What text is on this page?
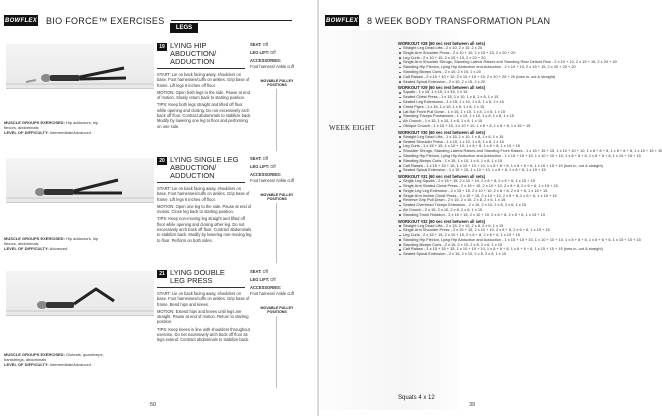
BOWFLEX BIO FORCE™ EXERCISES
LEGS
19 LYING HIP
ABDUCTION/
ADDUCTION
START: Lie on back facing away, shoulders on base. Foot harnesses/cuffs on ankles. Grip base of frame. Lift legs 6 inches off floor.
MOTION: Open both legs to the side. Pause at end of motion. Slowly return back to starting position.
TIPS: Keep both legs straight and lifted off floor while opening and closing. Do not excessively arch back off floor. Contract abdominals to stabilize back. Modify by lowering one leg to floor and performing on one side.
SEAT: Off
LEG LIFT: Off
ACCESSORIES:
Foot harness/ Ankle cuff
MOVABLE PULLEY POSITIONS
MUSCLE GROUPS EXERCISED: Hip adductors, hip flexors, abdominals
LEVEL OF DIFFICULTY: Intermediate/Advanced
20 LYING SINGLE LEG
ABDUCTION/
ADDUCTION
START: Lie on back facing away, shoulders on base. Foot harnesses/cuffs on ankles. Grip base of frame. Lift legs 6 inches off floor.
MOTION: Open one leg to the side. Pause at end of motion. Close leg back to starting position.
TIPS: Keep non-moving leg straight and lifted off floor while opening and closing other leg. Do not excessively arch back off floor. Contract abdominals to stabilize back. Modify by lowering non-moving leg to floor. Perform on both sides.
SEAT: Off
LEG LIFT: Off
ACCESSORIES:
Foot harness/ Ankle cuff
MOVABLE PULLEY POSITIONS
MUSCLE GROUPS EXERCISED: Hip adductors, hip flexors, abdominals
LEVEL OF DIFFICULTY: Advanced
21 LYING DOUBLE
LEG PRESS
START: Lie on back facing away, shoulders on base. Foot harnesses/cuffs on ankles. Grip base of frame. Bend hips and knees.
MOTION: Extend hips and knees until legs are straight. Pause at end of motion. Return to starting position.
TIPS: Keep knees in line with shoulders throughout exercise. Do not excessively arch back off floor as legs extend. Contract abdominals to stabilize back.
SEAT: Off
LEG LIFT: Off
ACCESSORIES:
Foot harness/ Ankle cuff
MOVABLE PULLEY POSITIONS
MUSCLE GROUPS EXERCISED: Gluteals, quadriceps, hamstrings, abdominals
LEVEL OF DIFFICULTY: Intermediate/Advanced
50
BOWFLEX 8 WEEK BODY TRANSFORMATION PLAN
WEEK EIGHT
WORKOUT #28 (60 sec rest between all sets)
Straight Leg Dead Lifts - 2 x 10, 2 x 15, 2 x 20
Single Arm Shoulder Press - 2 x 10 + 10, 2 x 15 + 15, 2 x 20 + 20
Leg Curls - 2 x 10 + 10, 2 x 15 + 15, 2 x 20 + 20
Single Arm Shoulder Shrugs, Standing Lateral Raises and Standing Rear Deltoid Row - 2 x 10 + 10, 2 x 15 + 15, 2 x 20 + 20
Standing Hip Flexion, Lying Hip Abduction and Adduction - 2 x 10 + 10, 2 x 15 + 15, 2 x 20 + 20 + 20
Standing Biceps Curls - 2 x 10, 2 x 15, 2 x 20
Calf Raises - 2 x 10 + 10 + 10, 2 x 15 + 15 + 15, 2 x 20 + 20 + 20 (toes in, out & straight)
Seated Spinal Extension - 2 x 10, 2 x 15, 2 x 20
WORKOUT #29 (60 sec rest between all sets)
Squats - 1 x 15, 1 x 15, 1 x 15, 1 x 15
Seated Chest Press - 1 x 15, 1 x 10, 1 x 8, 1 x 8, 1 x 15
Seated Leg Extensions - 1 x 15, 1 x 10, 1 x 8, 1 x 8, 1 x 15
Chest Flyes - 1 x 15, 1 x 10, 1 x 8, 1 x 8, 1 x 15
Lat Bar Front Pull Down - 1 x 15, 1 x 10, 1 x 8, 1 x 8, 1 x 15
Standing Triceps Pushdowns - 1 x 15, 1 x 10, 1 x 8, 1 x 8, 1 x 15
Ab Crunch - 1 x 15, 1 x 10, 1 x 8, 1 x 8, 1 x 15
Oblique Crunch - 1 x 15 + 15, 1 x 10 + 10, 1 x 8 + 8, 1 x 8 + 8, 1 x 15 + 15
WORKOUT #30 (60 sec rest between all sets)
Straight Leg Dead Lifts - 1 x 15, 1 x 10, 1 x 8, 1 x 8, 1 x 15
Seated Shoulder Press - 1 x 15, 1 x 10, 1 x 8, 1 x 8, 1 x 15
Leg Curls - 1 x 15 + 15, 1 x 10 + 10, 1 x 8 + 8, 1 x 8 + 8, 1 x 15 + 15
Shoulder Shrugs, Standing Lateral Raises and Standing Front Raises - 1 x 15 + 15 + 15, 1 x 10 + 10 + 10, 1 x 8 + 8 + 8, 1 x 8 + 8 + 8, 1 x 15 + 15 + 15
Standing Hip Flexion, Lying Hip Abduction and Adduction - 1 x 15 + 15 + 15, 1 x 10 + 10 + 10, 1 x 8 + 8 + 8, 1 x 8 + 8 + 8, 1 x 15 + 15 + 15
Standing Biceps Curls - 1 x 15, 1 x 10, 1 x 8, 1 x 8, 1 x 15
Calf Raises - 1 x 15 + 15 + 15, 1 x 10 + 10 + 10, 1 x 8 + 8 + 8, 1 x 8 + 8 + 8, 1 x 15 + 15 + 15 (toes in, out & straight)
Seated Spinal Extension - 1 x 15 + 15, 1 x 10 + 10, 1 x 8 + 8, 1 x 8 + 8, 1 x 15 + 15
WORKOUT #31 (60 sec rest between all sets)
Single Leg Squats - 2 x 15 + 15, 2 x 10 + 10, 2 x 8 + 8, 2 x 6 + 6, 1 x 15 + 15
Single Arm Seated Chest Press - 2 x 15 + 15, 2 x 10 + 10, 2 x 8 + 8, 2 x 6 + 6, 1 x 15 + 15
Single Leg Leg Extension - 2 x 15 + 15, 2 x 10 + 10, 2 x 8 + 8, 2 x 6 + 6, 1 x 15 + 15
Single Arm Incline Chest Press - 2 x 15 + 15, 2 x 10 + 10, 2 x 8 + 8, 2 x 6 + 6, 1 x 15 + 15
Reverse Grip Pull Down - 2 x 15, 2 x 10, 2 x 8, 2 x 6, 1 x 15
Seated Overhead Triceps Extension - 2 x 15, 2 x 10, 2 x 8, 2 x 6, 1 x 15
Ab Crunch - 2 x 15, 2 x 10, 2 x 8, 2 x 6, 1 x 15
Standing Trunk Rotation - 2 x 15 + 15, 2 x 10 + 10, 2 x 8 + 8, 2 x 6 + 6, 1 x 15 + 15
WORKOUT #32 (60 sec rest between all sets)
Straight Leg Dead Lifts - 2 x 15, 2 x 10, 2 x 8, 2 x 6, 1 x 15
Single Arm Shoulder Press - 2 x 15 + 15, 2 x 10 + 10, 2 x 8 + 8, 2 x 6 + 6, 1 x 15 + 15
Leg Curls - 2 x 15 + 15, 2 x 10 + 10, 2 x 8 + 8, 2 x 6 + 6, 1 x 15 + 15
Standing Hip Flexion, Lying Hip Abduction and Adduction - 1 x 15 + 15 + 15, 1 x 10 + 10 + 10, 1 x 8 + 8 + 8, 1 x 6 + 6 + 6, 1 x 15 + 15 + 15
Standing Biceps Curls - 2 x 15, 2 x 10, 2 x 8, 2 x 6, 1 x 15
Calf Raises - 1 x 15 + 15 + 15, 1 x 10 + 10 + 10, 1 x 8 + 8 + 8, 1 x 6 + 6 + 6, 1 x 15 + 15 + 15 (toes in, out & straight)
Seated Spinal Extension - 2 x 15, 2 x 10, 2 x 8, 2 x 6, 1 x 15
Squats 4 x 12
39
